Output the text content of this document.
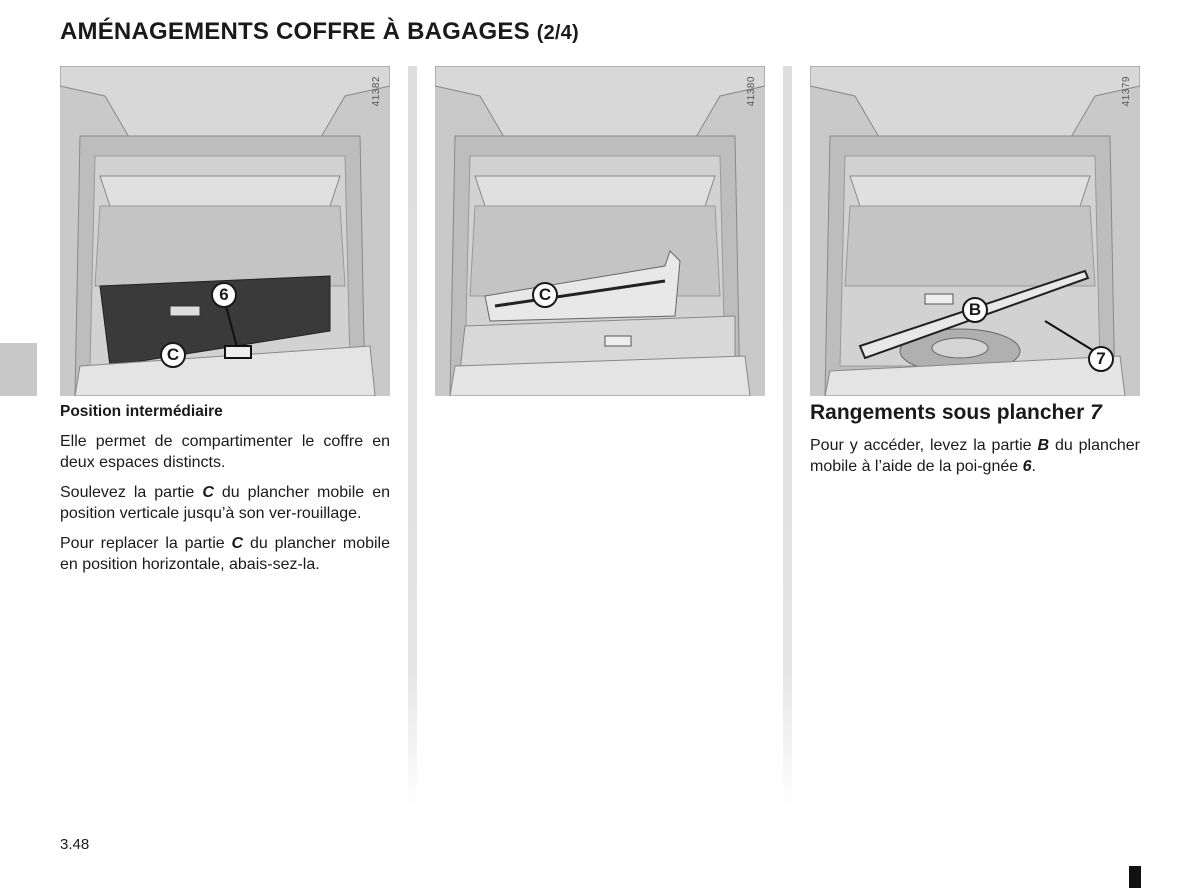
AMÉNAGEMENTS COFFRE À BAGAGES (2/4)
41382
6
C
41380
C
41379
B
7

Position intermédiaire

Elle permet de compartimenter le coffre en deux espaces distincts.

Soulevez la partie C du plancher mobile en position verticale jusqu’à son ver-rouillage.

Pour replacer la partie C du plancher mobile en position horizontale, abais-sez-la.

Rangements sous plancher 7

Pour y accéder, levez la partie B du plancher mobile à l’aide de la poi-gnée 6.

3.48
